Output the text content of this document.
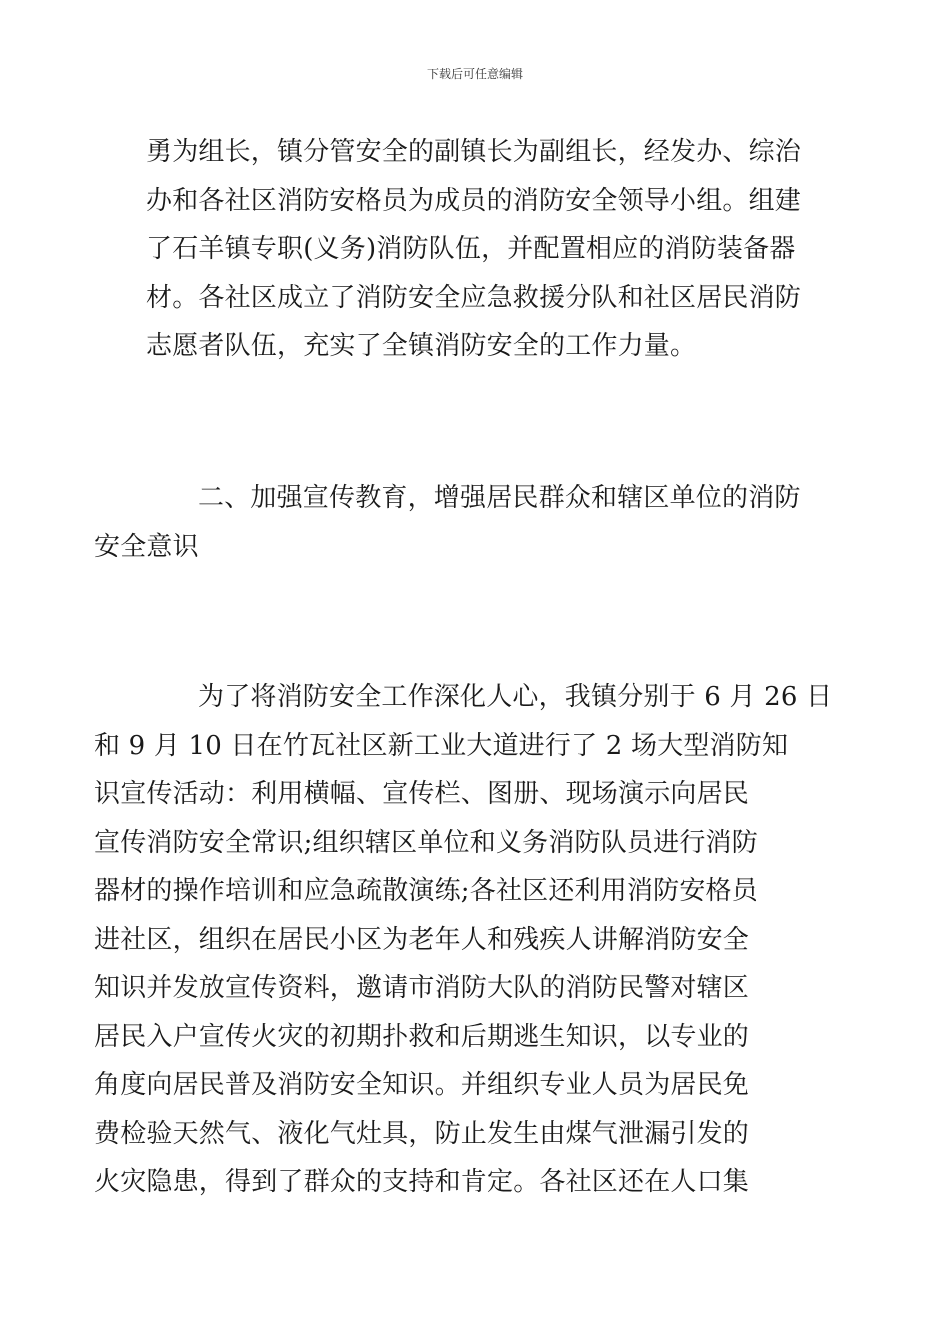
下载后可任意编辑
勇为组长，镇分管安全的副镇长为副组长，经发办、综治
办和各社区消防安格员为成员的消防安全领导小组。组建
了石羊镇专职(义务)消防队伍，并配置相应的消防装备器
材。各社区成立了消防安全应急救援分队和社区居民消防
志愿者队伍，充实了全镇消防安全的工作力量。
二、加强宣传教育，增强居民群众和辖区单位的消防
安全意识
为了将消防安全工作深化人心，我镇分别于 6 月 26 日
和 9 月 10 日在竹瓦社区新工业大道进行了 2 场大型消防知
识宣传活动：利用横幅、宣传栏、图册、现场演示向居民
宣传消防安全常识;组织辖区单位和义务消防队员进行消防
器材的操作培训和应急疏散演练;各社区还利用消防安格员
进社区，组织在居民小区为老年人和残疾人讲解消防安全
知识并发放宣传资料，邀请市消防大队的消防民警对辖区
居民入户宣传火灾的初期扑救和后期逃生知识，以专业的
角度向居民普及消防安全知识。并组织专业人员为居民免
费检验天然气、液化气灶具，防止发生由煤气泄漏引发的
火灾隐患，得到了群众的支持和肯定。各社区还在人口集
